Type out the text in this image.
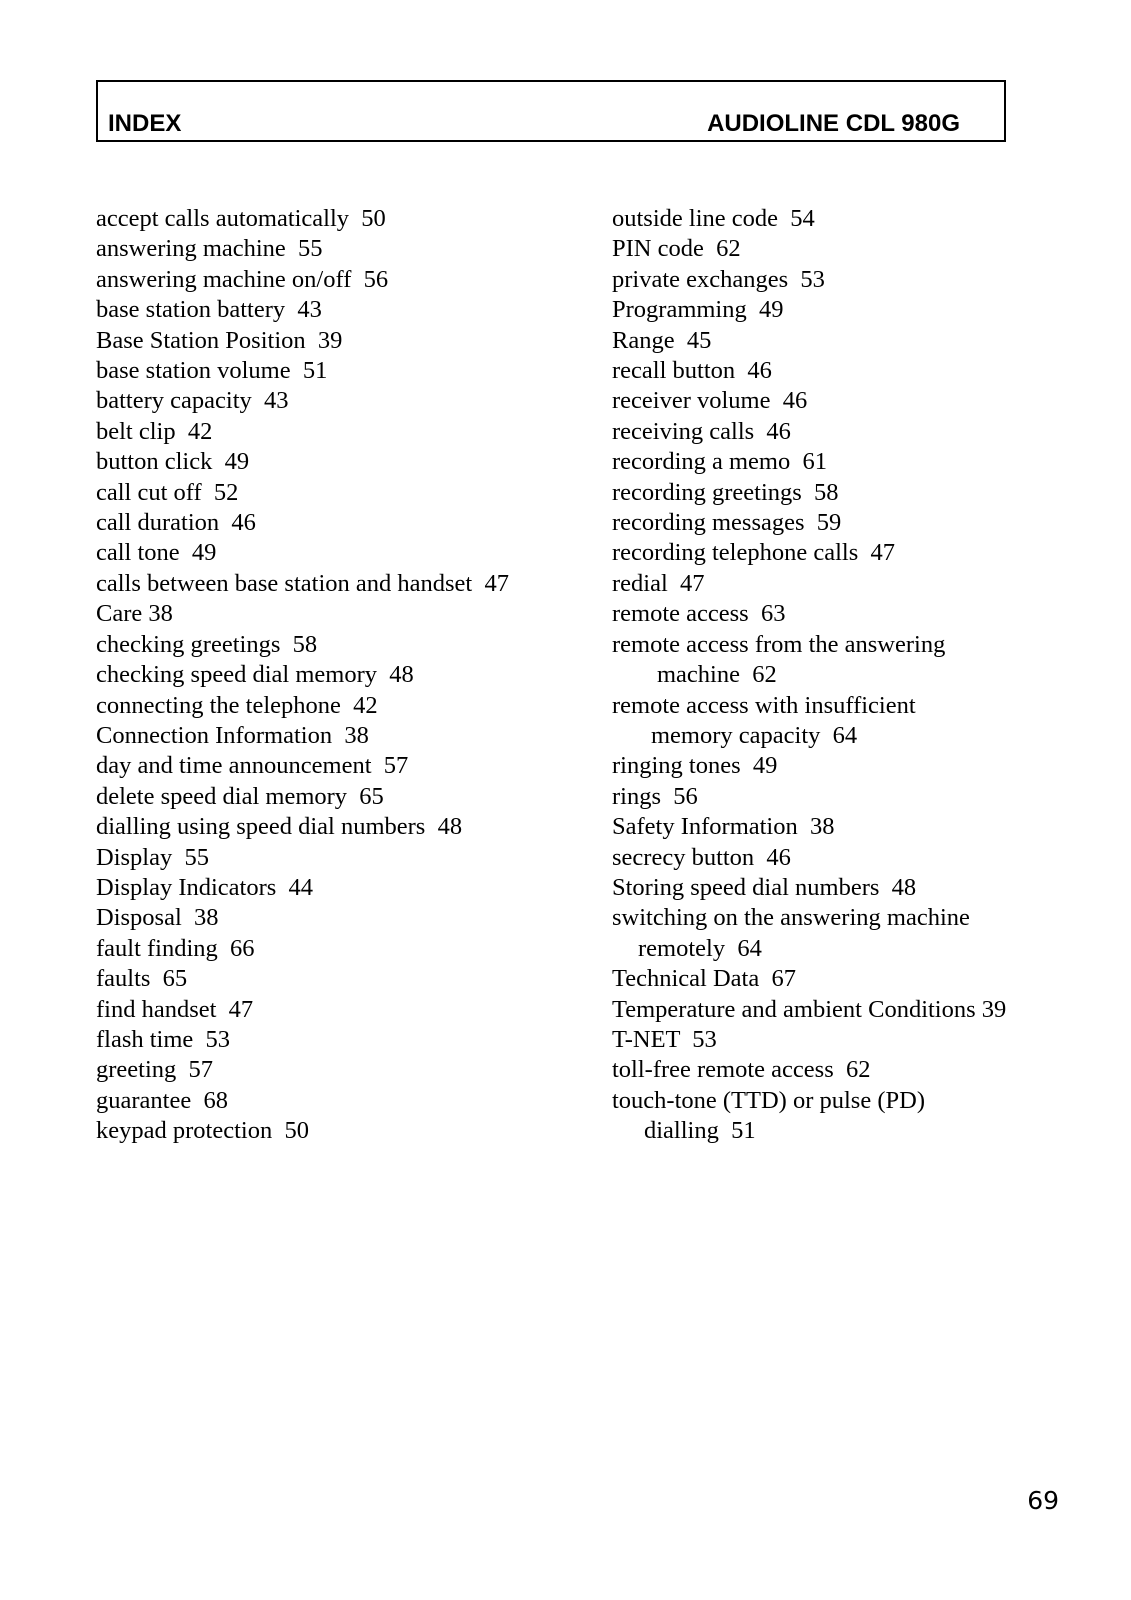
INDEX	AUDIOLINE CDL 980G
accept calls automatically  50
answering machine  55
answering machine on/off  56
base station battery  43
Base Station Position  39
base station volume  51
battery capacity  43
belt clip  42
button click  49
call cut off  52
call duration  46
call tone  49
calls between base station and handset  47
Care 38
checking greetings  58
checking speed dial memory  48
connecting the telephone  42
Connection Information  38
day and time announcement  57
delete speed dial memory  65
dialling using speed dial numbers  48
Display  55
Display Indicators  44
Disposal  38
fault finding  66
faults  65
find handset  47
flash time  53
greeting  57
guarantee  68
keypad protection  50
outside line code  54
PIN code  62
private exchanges  53
Programming  49
Range  45
recall button  46
receiver volume  46
receiving calls  46
recording a memo  61
recording greetings  58
recording messages  59
recording telephone calls  47
redial  47
remote access  63
remote access from the answering
machine  62
remote access with insufficient
memory capacity  64
ringing tones  49
rings  56
Safety Information  38
secrecy button  46
Storing speed dial numbers  48
switching on the answering machine
remotely  64
Technical Data  67
Temperature and ambient Conditions 39
T-NET  53
toll-free remote access  62
touch-tone (TTD) or pulse (PD)
dialling  51
69
